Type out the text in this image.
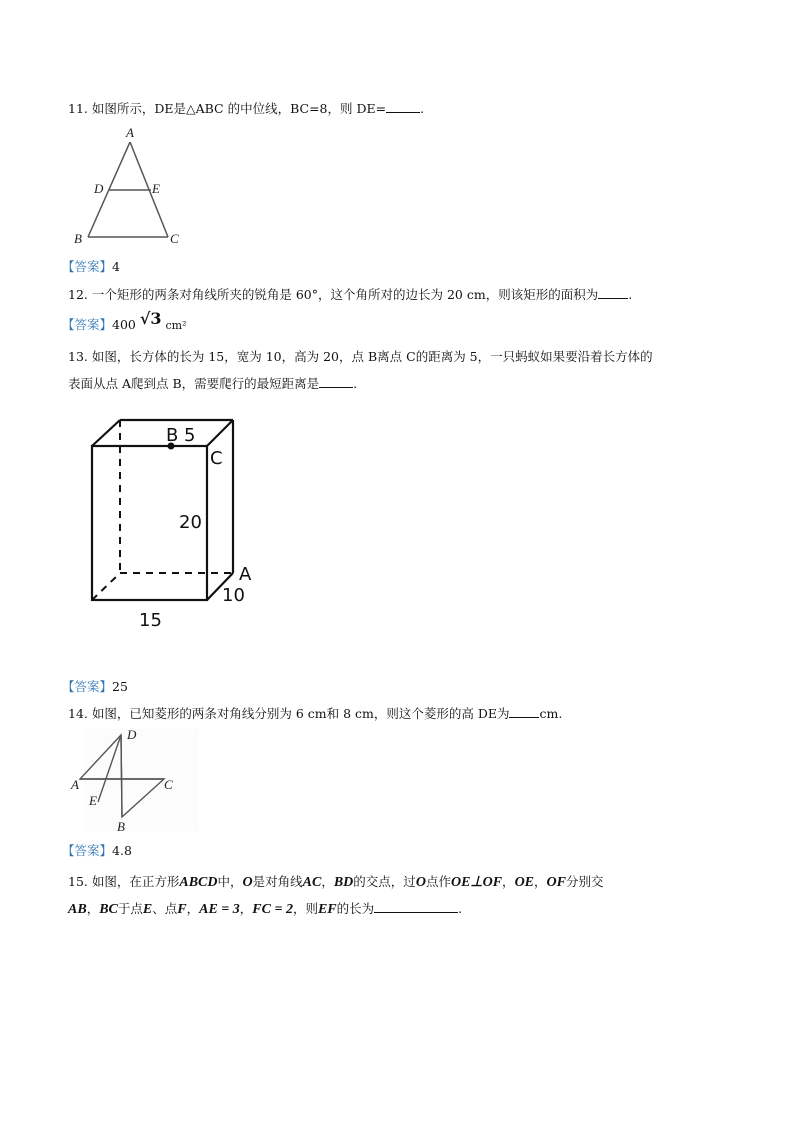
11. 如图所示，DE是△ABC 的中位线，BC=8，则 DE=	.
A
D	E
B	C
【答案】4
12. 一个矩形的两条对角线所夹的锐角是 60°，这个角所对的边长为 20 cm，则该矩形的面积为 .
【答案】400 √3 cm²
13. 如图，长方体的长为 15，宽为 10，高为 20，点 B离点 C的距离为 5，一只蚂蚁如果要沿着长方体的
表面从点 A爬到点 B，需要爬行的最短距离是	.
B 5
C
20
A
10
15
【答案】25
14. 如图，已知菱形的两条对角线分别为 6 cm和 8 cm，则这个菱形的高 DE为 cm.
D
A	C
E
B
【答案】4.8
15. 如图，在正方形ABCD中，O是对角线AC，BD的交点，过O点作OE⊥OF，OE，OF分别交
AB，BC于点E、点F，AE = 3，FC = 2，则EF的长为	.
